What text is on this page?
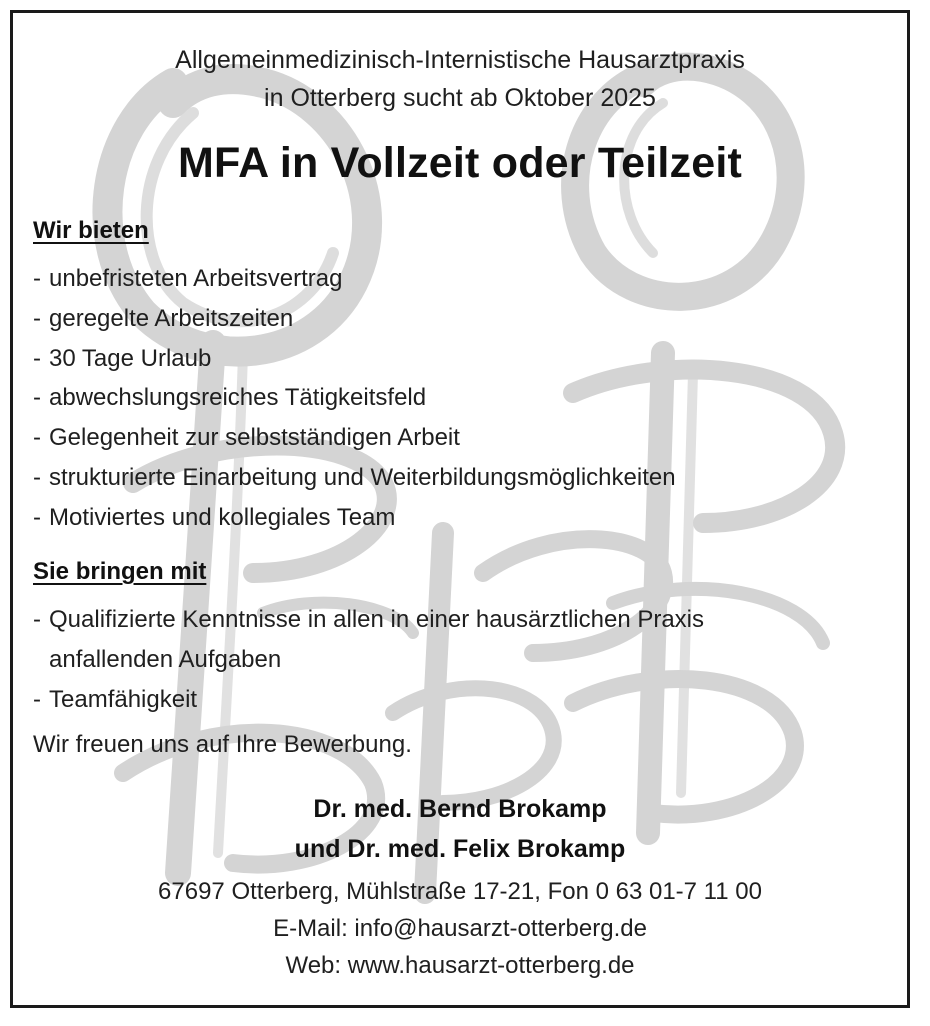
Allgemeinmedizinisch-Internistische Hausarztpraxis
in Otterberg sucht ab Oktober 2025
MFA in Vollzeit oder Teilzeit
Wir bieten
- unbefristeten Arbeitsvertrag
- geregelte Arbeitszeiten
- 30 Tage Urlaub
- abwechslungsreiches Tätigkeitsfeld
- Gelegenheit zur selbstständigen Arbeit
- strukturierte Einarbeitung und Weiterbildungsmöglichkeiten
- Motiviertes und kollegiales Team
Sie bringen mit
- Qualifizierte Kenntnisse in allen in einer hausärztlichen Praxis
anfallenden Aufgaben
- Teamfähigkeit
Wir freuen uns auf Ihre Bewerbung.
Dr. med. Bernd Brokamp
und Dr. med. Felix Brokamp
67697 Otterberg, Mühlstraße 17-21, Fon 0 63 01-7 11 00
E-Mail: info@hausarzt-otterberg.de
Web: www.hausarzt-otterberg.de
